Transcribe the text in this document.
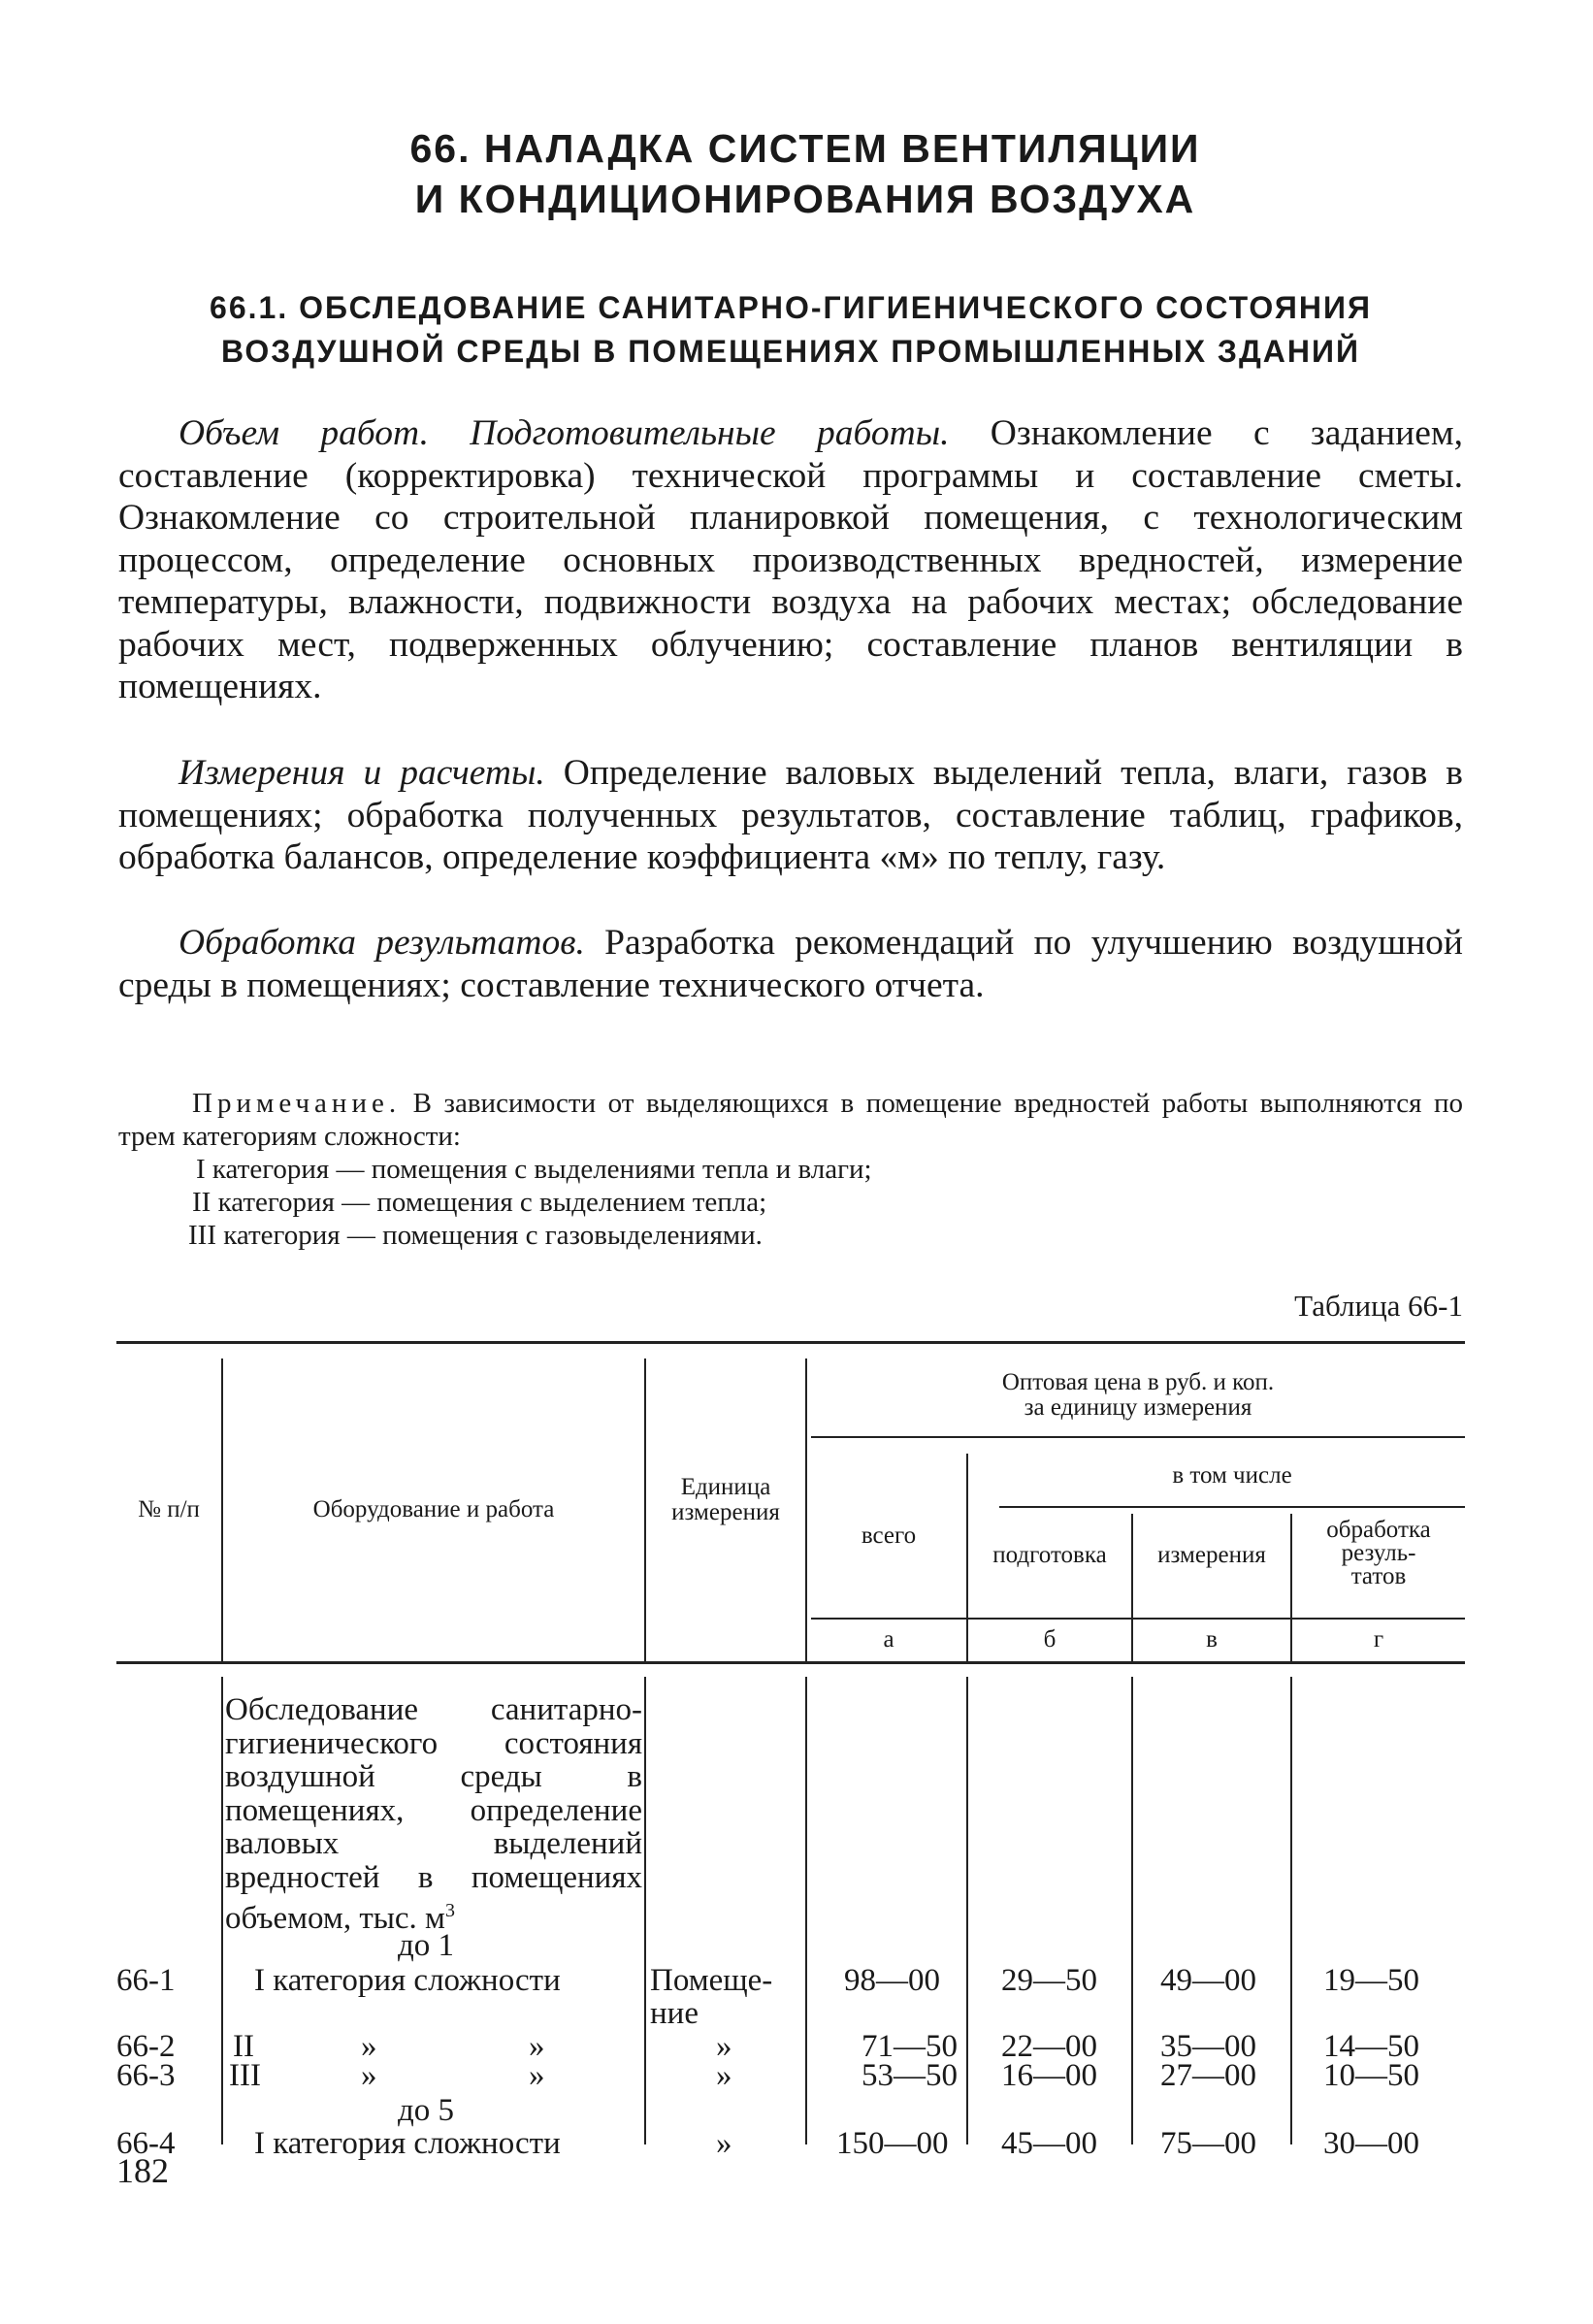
66. НАЛАДКА СИСТЕМ ВЕНТИЛЯЦИИ
И КОНДИЦИОНИРОВАНИЯ ВОЗДУХА
66.1. ОБСЛЕДОВАНИЕ САНИТАРНО-ГИГИЕНИЧЕСКОГО СОСТОЯНИЯ
ВОЗДУШНОЙ СРЕДЫ В ПОМЕЩЕНИЯХ ПРОМЫШЛЕННЫХ ЗДАНИЙ
Объем работ. Подготовительные работы. Ознакомление с заданием, составление (корректировка) технической программы и составление сметы. Ознакомление со строительной планировкой помещения, с технологическим процессом, определение основных производственных вредностей, измерение температуры, влажности, подвижности воздуха на рабочих местах; обследование рабочих мест, подверженных облучению; составление планов вентиляции в помещениях.
Измерения и расчеты. Определение валовых выделений тепла, влаги, газов в помещениях; обработка полученных результатов, составление таблиц, графиков, обработка балансов, определение коэффициента «м» по теплу, газу.
Обработка результатов. Разработка рекомендаций по улучшению воздушной среды в помещениях; составление технического отчета.
Примечание. В зависимости от выделяющихся в помещение вредностей работы выполняются по трем категориям сложности:
I категория — помещения с выделениями тепла и влаги;
II категория — помещения с выделением тепла;
III категория — помещения с газовыделениями.
Таблица 66-1
№ п/п	Оборудование и работа
Единица
измерения
Оптовая цена в руб. и коп.
за единицу измерения
в том числе
всего
подготовка	измерения
обработка
резуль-
татов
а	б	в	г
Обследование санитарно-гигиенического состояния воздушной среды в помещениях, определение валовых выделений вредностей в помещениях объемом, тыс. $м^3$
до 1
до 5
66-1 I категория сложности	Помеще-
ние
98—00 29—50 49—00 19—50
66-2 II	»	»	»	71—50 22—00 35—00 14—50
66-3 III	»	»	»	53—50 16—00 27—00 10—50
66-4 I категория сложности	»	150—00 45—00 75—00 30—00
182
